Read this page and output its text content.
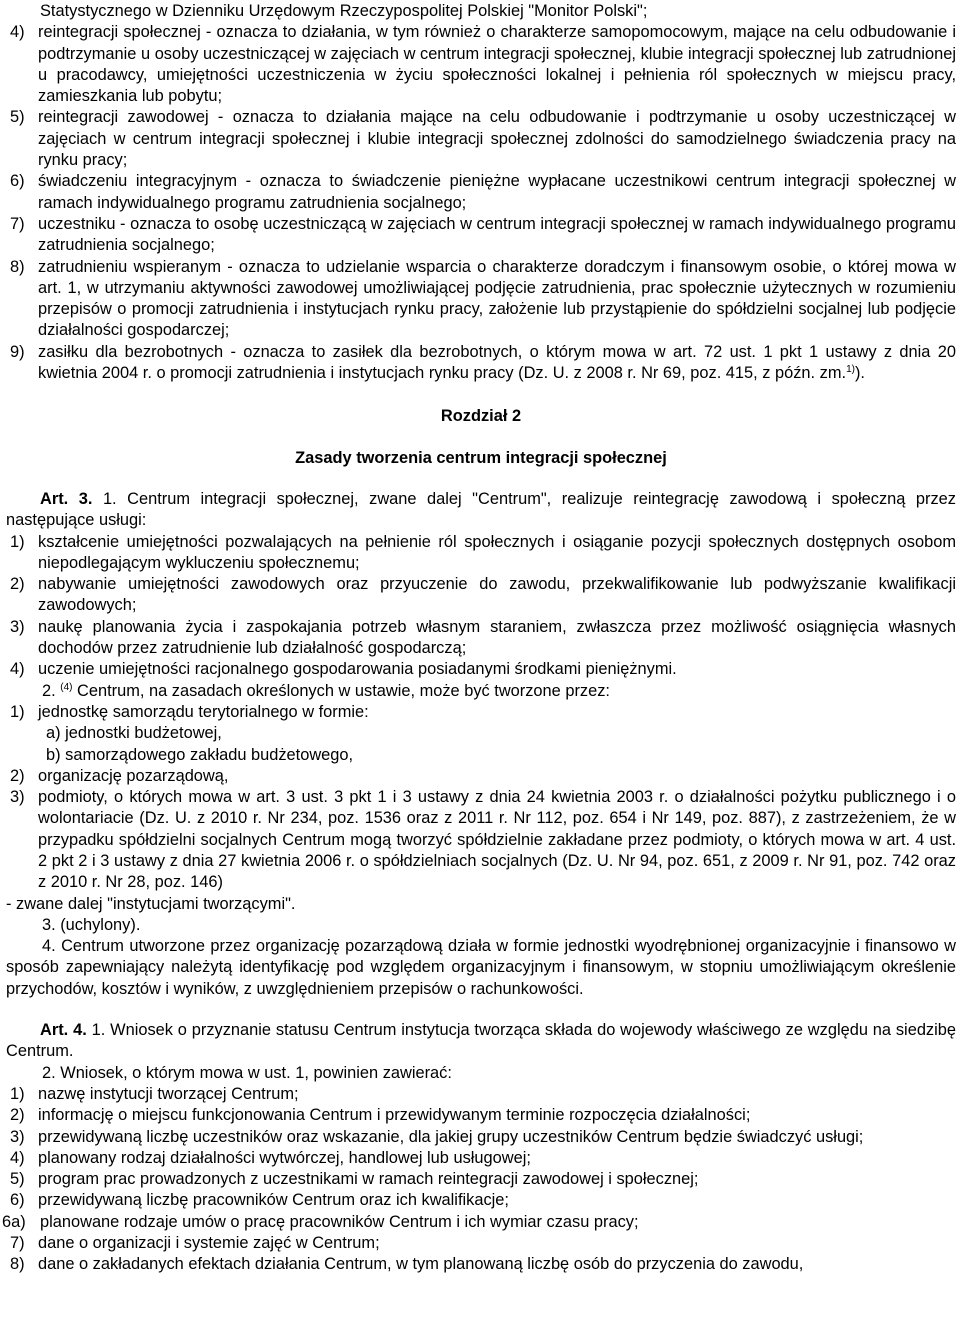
Statystycznego w Dzienniku Urzędowym Rzeczypospolitej Polskiej "Monitor Polski";

4) reintegracji społecznej - oznacza to działania, w tym również o charakterze samopomocowym, mające na celu odbudowanie i podtrzymanie u osoby uczestniczącej w zajęciach w centrum integracji społecznej, klubie integracji społecznej lub zatrudnionej u pracodawcy, umiejętności uczestniczenia w życiu społeczności lokalnej i pełnienia ról społecznych w miejscu pracy, zamieszkania lub pobytu;

5) reintegracji zawodowej - oznacza to działania mające na celu odbudowanie i podtrzymanie u osoby uczestniczącej w zajęciach w centrum integracji społecznej i klubie integracji społecznej zdolności do samodzielnego świadczenia pracy na rynku pracy;

6) świadczeniu integracyjnym - oznacza to świadczenie pieniężne wypłacane uczestnikowi centrum integracji społecznej w ramach indywidualnego programu zatrudnienia socjalnego;

7) uczestniku - oznacza to osobę uczestniczącą w zajęciach w centrum integracji społecznej w ramach indywidualnego programu zatrudnienia socjalnego;

8) zatrudnieniu wspieranym - oznacza to udzielanie wsparcia o charakterze doradczym i finansowym osobie, o której mowa w art. 1, w utrzymaniu aktywności zawodowej umożliwiającej podjęcie zatrudnienia, prac społecznie użytecznych w rozumieniu przepisów o promocji zatrudnienia i instytucjach rynku pracy, założenie lub przystąpienie do spółdzielni socjalnej lub podjęcie działalności gospodarczej;

9) zasiłku dla bezrobotnych - oznacza to zasiłek dla bezrobotnych, o którym mowa w art. 72 ust. 1 pkt 1 ustawy z dnia 20 kwietnia 2004 r. o promocji zatrudnienia i instytucjach rynku pracy (Dz. U. z 2008 r. Nr 69, poz. 415, z późn. zm.$^{1)}$).

Rozdział 2

Zasady tworzenia centrum integracji społecznej

Art. 3. 1. Centrum integracji społecznej, zwane dalej "Centrum", realizuje reintegrację zawodową i społeczną przez następujące usługi:

1) kształcenie umiejętności pozwalających na pełnienie ról społecznych i osiąganie pozycji społecznych dostępnych osobom niepodlegającym wykluczeniu społecznemu;

2) nabywanie umiejętności zawodowych oraz przyuczenie do zawodu, przekwalifikowanie lub podwyższanie kwalifikacji zawodowych;

3) naukę planowania życia i zaspokajania potrzeb własnym staraniem, zwłaszcza przez możliwość osiągnięcia własnych dochodów przez zatrudnienie lub działalność gospodarczą;

4) uczenie umiejętności racjonalnego gospodarowania posiadanymi środkami pieniężnymi.

2. $^{(4)}$ Centrum, na zasadach określonych w ustawie, może być tworzone przez:

1) jednostkę samorządu terytorialnego w formie:

a) jednostki budżetowej,

b) samorządowego zakładu budżetowego,

2) organizację pozarządową,

3) podmioty, o których mowa w art. 3 ust. 3 pkt 1 i 3 ustawy z dnia 24 kwietnia 2003 r. o działalności pożytku publicznego i o wolontariacie (Dz. U. z 2010 r. Nr 234, poz. 1536 oraz z 2011 r. Nr 112, poz. 654 i Nr 149, poz. 887), z zastrzeżeniem, że w przypadku spółdzielni socjalnych Centrum mogą tworzyć spółdzielnie zakładane przez podmioty, o których mowa w art. 4 ust. 2 pkt 2 i 3 ustawy z dnia 27 kwietnia 2006 r. o spółdzielniach socjalnych (Dz. U. Nr 94, poz. 651, z 2009 r. Nr 91, poz. 742 oraz z 2010 r. Nr 28, poz. 146)

- zwane dalej "instytucjami tworzącymi".

3. (uchylony).

4. Centrum utworzone przez organizację pozarządową działa w formie jednostki wyodrębnionej organizacyjnie i finansowo w sposób zapewniający należytą identyfikację pod względem organizacyjnym i finansowym, w stopniu umożliwiającym określenie przychodów, kosztów i wyników, z uwzględnieniem przepisów o rachunkowości.

Art. 4. 1. Wniosek o przyznanie statusu Centrum instytucja tworząca składa do wojewody właściwego ze względu na siedzibę Centrum.

2. Wniosek, o którym mowa w ust. 1, powinien zawierać:

1) nazwę instytucji tworzącej Centrum;

2) informację o miejscu funkcjonowania Centrum i przewidywanym terminie rozpoczęcia działalności;

3) przewidywaną liczbę uczestników oraz wskazanie, dla jakiej grupy uczestników Centrum będzie świadczyć usługi;

4) planowany rodzaj działalności wytwórczej, handlowej lub usługowej;

5) program prac prowadzonych z uczestnikami w ramach reintegracji zawodowej i społecznej;

6) przewidywaną liczbę pracowników Centrum oraz ich kwalifikacje;

6a) planowane rodzaje umów o pracę pracowników Centrum i ich wymiar czasu pracy;

7) dane o organizacji i systemie zajęć w Centrum;

8) dane o zakładanych efektach działania Centrum, w tym planowaną liczbę osób do przyczenia do zawodu,
